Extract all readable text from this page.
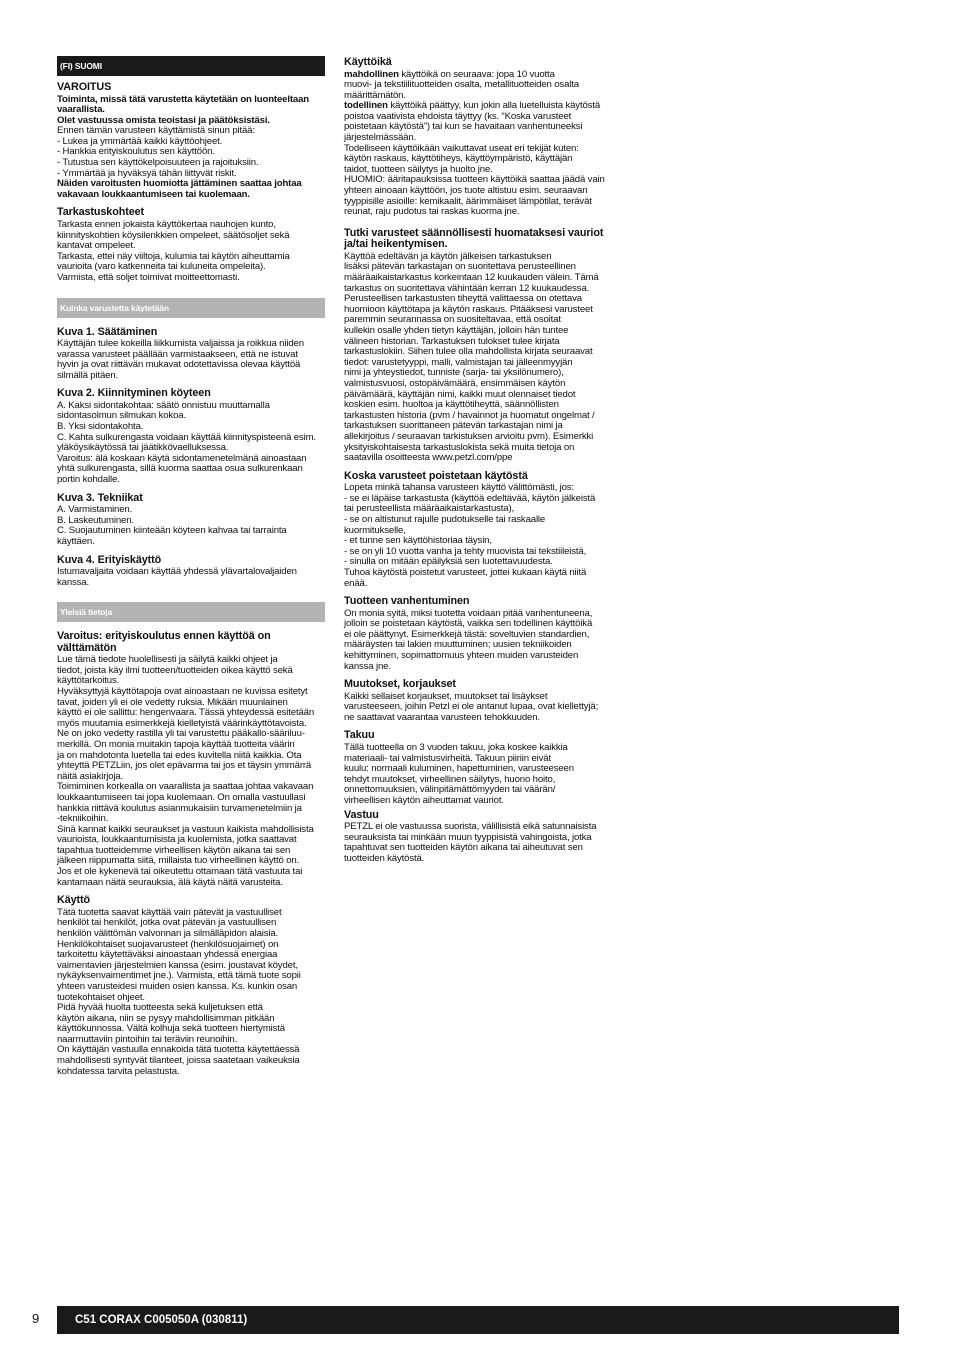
(FI) SUOMI
VAROITUS

Toiminta, missä tätä varustetta käytetään on luonteeltaan
vaarallista.

Olet vastuussa omista teoistasi ja päätöksistäsi.

Ennen tämän varusteen käyttämistä sinun pitää:
- Lukea ja ymmärtää kaikki käyttöohjeet.
- Hankkia erityiskoulutus sen käyttöön.
- Tutustua sen käyttökelpoisuuteen ja rajoituksiin.
- Ymmärtää ja hyväksyä tähän liittyvät riskit.

Näiden varoitusten huomiotta jättäminen saattaa johtaa
vakavaan loukkaantumiseen tai kuolemaan.

Tarkastuskohteet

Tarkasta ennen jokaista käyttökertaa nauhojen kunto,
kiinnityskohtien köysilenkkien ompeleet, säätösoljet sekä
kantavat ompeleet.
Tarkasta, ettei näy viiltoja, kulumia tai käytön aiheuttamia
vaurioita (varo katkenneita tai kuluneita ompeleita).
Varmista, että soljet toimivat moitteettomasti.

Kuinka varustetta käytetään
Kuva 1. Säätäminen

Käyttäjän tulee kokeilla liikkumista valjaissa ja roikkua niiden
varassa varusteet päällään varmistaakseen, että ne istuvat
hyvin ja ovat riittävän mukavat odotettavissa olevaa käyttöä
silmällä pitäen.

Kuva 2. Kiinnityminen köyteen

A. Kaksi sidontakohtaa: säätö onnistuu muuttamalla
sidontasolmun silmukan kokoa.
B. Yksi sidontakohta.
C. Kahta sulkurengasta voidaan käyttää kiinnityspisteenä esim.
yläköysikäytössä tai jäätikkövaelluksessa.
Varoitus: älä koskaan käytä sidontamenetelmänä ainoastaan
yhtä sulkurengasta, sillä kuorma saattaa osua sulkurenkaan
portin kohdalle.

Kuva 3. Tekniikat

A. Varmistaminen.
B. Laskeutuminen.
C. Suojautuminen kiinteään köyteen kahvaa tai tarrainta
käyttäen.

Kuva 4. Erityiskäyttö

Istumavaljaita voidaan käyttää yhdessä ylävartalovaljaiden
kanssa.

Yleisiä tietoja
Varoitus: erityiskoulutus ennen käyttöä on
välttämätön

Lue tämä tiedote huolellisesti ja säilytä kaikki ohjeet ja
tiedot, joista käy ilmi tuotteen/tuotteiden oikea käyttö sekä
käyttötarkoitus.
Hyväksyttyjä käyttötapoja ovat ainoastaan ne kuvissa esitetyt
tavat, joiden yli ei ole vedetty ruksia. Mikään muunlainen
käyttö ei ole sallittu: hengenvaara. Tässä yhteydessä esitetään
myös muutamia esimerkkejä kielletyistä väärinkäyttötavoista.
Ne on joko vedetty rastilla yli tai varustettu pääkallo-sääriluu-
merkillä. On monia muitakin tapoja käyttää tuotteita väärin
ja on mahdotonta luetella tai edes kuvitella niitä kaikkia. Ota
yhteyttä PETZLiin, jos olet epävarma tai jos et täysin ymmärrä
näitä asiakirjoja.
Toimiminen korkealla on vaarallista ja saattaa johtaa vakavaan
loukkaantumiseen tai jopa kuolemaan. On omalla vastuullasi
hankkia riittävä koulutus asianmukaisiin turvamenetelmiin ja
-tekniikoihin.
Sinä kannat kaikki seuraukset ja vastuun kaikista mahdollisista
vaurioista, loukkaantumisista ja kuolemista, jotka saattavat
tapahtua tuotteidemme virheellisen käytön aikana tai sen
jälkeen riippumatta siitä, millaista tuo virheellinen käyttö on.
Jos et ole kykenevä tai oikeutettu ottamaan tätä vastuuta tai
kantamaan näitä seurauksia, älä käytä näitä varusteita.

Käyttö

Tätä tuotetta saavat käyttää vain pätevät ja vastuulliset
henkilöt tai henkilöt, jotka ovat pätevän ja vastuullisen
henkilön välittömän valvonnan ja silmälläpidon alaisia.
Henkilökohtaiset suojavarusteet (henkilösuojaimet) on
tarkoitettu käytettäväksi ainoastaan yhdessä energiaa
vaimentavien järjestelmien kanssa (esim. joustavat köydet,
nykäyksenvaimentimet jne.). Varmista, että tämä tuote sopii
yhteen varusteidesi muiden osien kanssa. Ks. kunkin osan
tuotekohtaiset ohjeet.
Pidä hyvää huolta tuotteesta sekä kuljetuksen että
käytön aikana, niin se pysyy mahdollisimman pitkään
käyttökunnossa. Vältä kolhuja sekä tuotteen hiertymistä
naarmuttaviin pintoihin tai teräviin reunoihin.
On käyttäjän vastuulla ennakoida tätä tuotetta käytettäessä
mahdollisesti syntyvät tilanteet, joissa saatetaan vaikeuksia
kohdatessa tarvita pelastusta.

Käyttöikä

mahdollinen käyttöikä on seuraava: jopa 10 vuotta
muovi- ja tekstiilituotteiden osalta, metallituotteiden osalta
määrittämätön.

todellinen käyttöikä päättyy, kun jokin alla luetelluista käytöstä
poistoa vaativista ehdoista täyttyy (ks. “Koska varusteet
poistetaan käytöstä”) tai kun se havaitaan vanhentuneeksi
järjestelmässään.
Todelliseen käyttöikään vaikuttavat useat eri tekijät kuten:
käytön raskaus, käyttötiheys, käyttöympäristö, käyttäjän
taidot, tuotteen säilytys ja huolto jne.
HUOMIO: ääritapauksissa tuotteen käyttöikä saattaa jäädä vain
yhteen ainoaan käyttöön, jos tuote altistuu esim. seuraavan
tyyppisille asioille: kemikaalit, äärimmäiset lämpötilat, terävät
reunat, raju pudotus tai raskas kuorma jne.

Tutki varusteet säännöllisesti huomataksesi vauriot
ja/tai heikentymisen.

Käyttöä edeltävän ja käytön jälkeisen tarkastuksen
lisäksi pätevän tarkastajan on suoritettava perusteellinen
määräaikaistarkastus korkeintaan 12 kuukauden välein. Tämä
tarkastus on suoritettava vähintään kerran 12 kuukaudessa.
Perusteellisen tarkastusten tiheyttä valittaessa on otettava
huomioon käyttötapa ja käytön raskaus. Pitääksesi varusteet
paremmin seurannassa on suositeltavaa, että osoitat
kullekin osalle yhden tietyn käyttäjän, jolloin hän tuntee
välineen historian. Tarkastuksen tulokset tulee kirjata
tarkastuslokiin. Siihen tulee olla mahdollista kirjata seuraavat
tiedot: varustetyyppi, malli, valmistajan tai jälleenmyyjän
nimi ja yhteystiedot, tunniste (sarja- tai yksilönumero),
valmistusvuosi, ostopäivämäärä, ensimmäisen käytön
päivämäärä, käyttäjän nimi, kaikki muut olennaiset tiedot
koskien esim. huoltoa ja käyttötiheyttä, säännöllisten
tarkastusten historia (pvm / havainnot ja huomatut ongelmat /
tarkastuksen suorittaneen pätevän tarkastajan nimi ja
allekirjoitus / seuraavan tarkistuksen arvioitu pvm). Esimerkki
yksityiskohtaisesta tarkastuslokista sekä muita tietoja on
saatavilla osoitteesta www.petzl.com/ppe

Koska varusteet poistetaan käytöstä

Lopeta minkä tahansa varusteen käyttö välittömästi, jos:
- se ei läpäise tarkastusta (käyttöä edeltävää, käytön jälkeistä
tai perusteellista määräaikaistarkastusta),
- se on altistunut rajulle pudotukselle tai raskaalle
kuormitukselle,
- et tunne sen käyttöhistoriaa täysin,
- se on yli 10 vuotta vanha ja tehty muovista tai tekstiileistä,
- sinulla on mitään epäilyksiä sen luotettavuudesta.
Tuhoa käytöstä poistetut varusteet, jottei kukaan käytä niitä
enää.

Tuotteen vanhentuminen

On monia syitä, miksi tuotetta voidaan pitää vanhentuneena,
jolloin se poistetaan käytöstä, vaikka sen todellinen käyttöikä
ei ole päättynyt. Esimerkkejä tästä: soveltuvien standardien,
määräysten tai lakien muuttuminen; uusien tekniikoiden
kehittyminen, sopimattomuus yhteen muiden varusteiden
kanssa jne.

Muutokset, korjaukset

Kaikki sellaiset korjaukset, muutokset tai lisäykset
varusteeseen, joihin Petzl ei ole antanut lupaa, ovat kiellettyjä;
ne saattavat vaarantaa varusteen tehokkuuden.

Takuu

Tällä tuotteella on 3 vuoden takuu, joka koskee kaikkia
materiaali- tai valmistusvirheitä. Takuun piiriin eivät
kuulu: normaali kuluminen, hapettuminen, varusteeseen
tehdyt muutokset, virheellinen säilytys, huono hoito,
onnettomuuksien, välinpitämättömyyden tai väärän/
virheellisen käytön aiheuttamat vauriot.

Vastuu

PETZL ei ole vastuussa suorista, välillisistä eikä satunnaisista
seurauksista tai minkään muun tyyppisistä vahingoista, jotka
tapahtuvat sen tuotteiden käytön aikana tai aiheutuvat sen
tuotteiden käytöstä.

9	C51 CORAX C005050A (030811)
